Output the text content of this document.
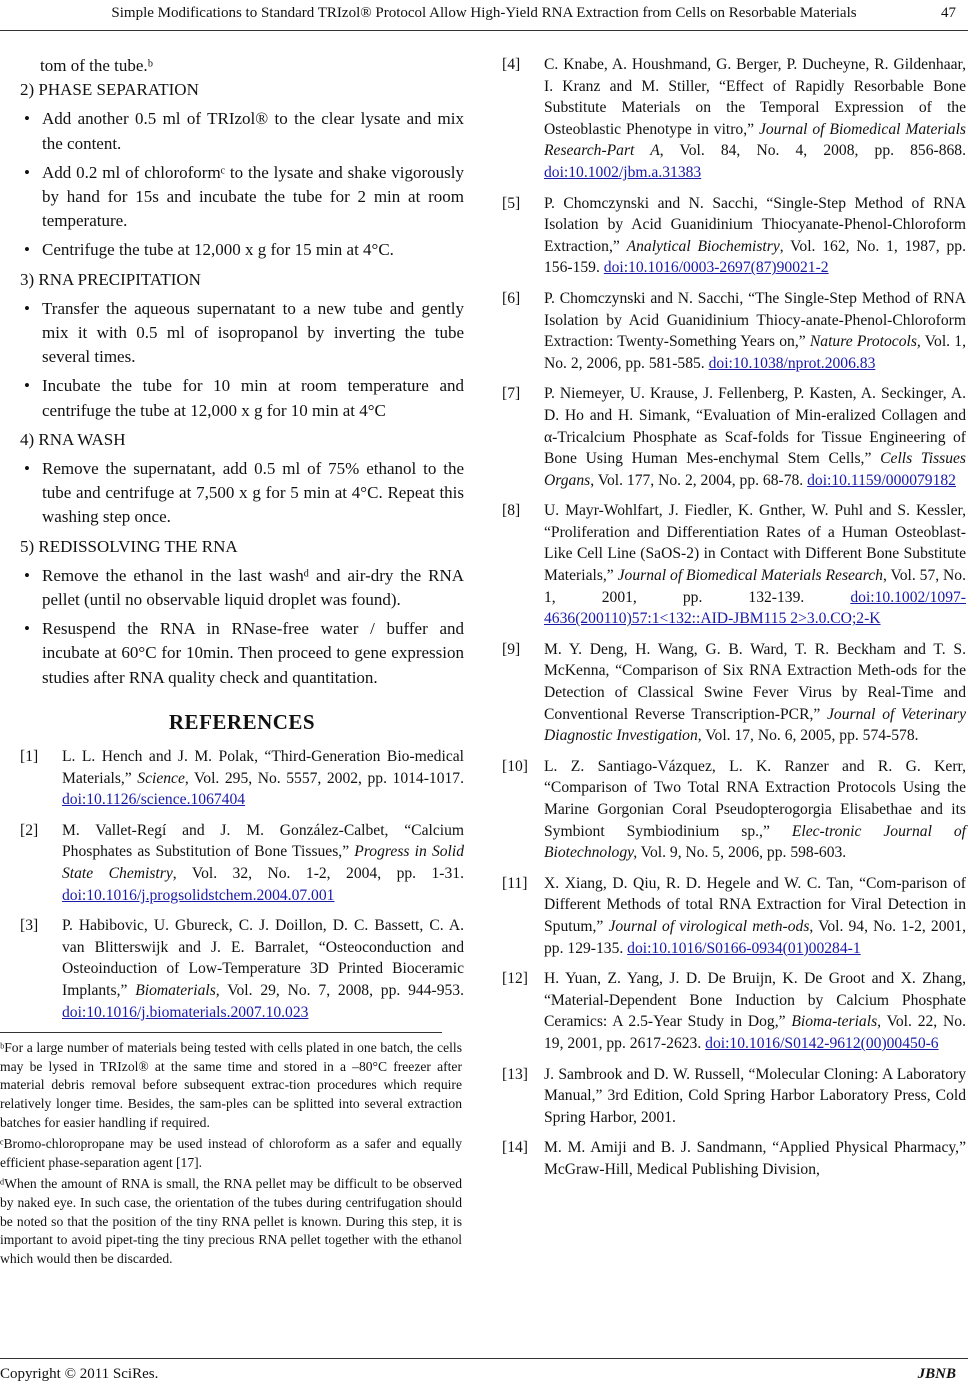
Simple Modifications to Standard TRIzol® Protocol Allow High-Yield RNA Extraction from Cells on Resorbable Materials	47
tom of the tube.ᵇ
2) PHASE SEPARATION
• Add another 0.5 ml of TRIzol® to the clear lysate and mix the content.
• Add 0.2 ml of chloroformᶜ to the lysate and shake vigorously by hand for 15s and incubate the tube for 2 min at room temperature.
• Centrifuge the tube at 12,000 x g for 15 min at 4°C.
3) RNA PRECIPITATION
• Transfer the aqueous supernatant to a new tube and gently mix it with 0.5 ml of isopropanol by inverting the tube several times.
• Incubate the tube for 10 min at room temperature and centrifuge the tube at 12,000 x g for 10 min at 4°C
4) RNA WASH
• Remove the supernatant, add 0.5 ml of 75% ethanol to the tube and centrifuge at 7,500 x g for 5 min at 4°C. Repeat this washing step once.
5) REDISSOLVING THE RNA
• Remove the ethanol in the last washᵈ and air-dry the RNA pellet (until no observable liquid droplet was found).
• Resuspend the RNA in RNase-free water / buffer and incubate at 60°C for 10min. Then proceed to gene expression studies after RNA quality check and quantitation.
REFERENCES
[1] L. L. Hench and J. M. Polak, “Third-Generation Bio-medical Materials,” Science, Vol. 295, No. 5557, 2002, pp. 1014-1017. doi:10.1126/science.1067404
[2] M. Vallet-Regí and J. M. González-Calbet, “Calcium Phosphates as Substitution of Bone Tissues,” Progress in Solid State Chemistry, Vol. 32, No. 1-2, 2004, pp. 1-31. doi:10.1016/j.progsolidstchem.2004.07.001
[3] P. Habibovic, U. Gbureck, C. J. Doillon, D. C. Bassett, C. A. van Blitterswijk and J. E. Barralet, “Osteoconduction and Osteoinduction of Low-Temperature 3D Printed Bioceramic Implants,” Biomaterials, Vol. 29, No. 7, 2008, pp. 944-953. doi:10.1016/j.biomaterials.2007.10.023

ᵇFor a large number of materials being tested with cells plated in one batch, the cells may be lysed in TRIzol® at the same time and stored in a –80°C freezer after material debris removal before subsequent extrac-tion procedures which require relatively longer time. Besides, the sam-ples can be splitted into several extraction batches for easier handling if required.

ᶜBromo-chloropropane may be used instead of chloroform as a safer and equally efficient phase-separation agent [17].

ᵈWhen the amount of RNA is small, the RNA pellet may be difficult to be observed by naked eye. In such case, the orientation of the tubes during centrifugation should be noted so that the position of the tiny RNA pellet is known. During this step, it is important to avoid pipet-ting the tiny precious RNA pellet together with the ethanol which would then be discarded.

[4] C. Knabe, A. Houshmand, G. Berger, P. Ducheyne, R. Gildenhaar, I. Kranz and M. Stiller, “Effect of Rapidly Resorbable Bone Substitute Materials on the Temporal Expression of the Osteoblastic Phenotype in vitro,” Journal of Biomedical Materials Research-Part A, Vol. 84, No. 4, 2008, pp. 856-868. doi:10.1002/jbm.a.31383
[5] P. Chomczynski and N. Sacchi, “Single-Step Method of RNA Isolation by Acid Guanidinium Thiocyanate-Phenol-Chloroform Extraction,” Analytical Biochemistry, Vol. 162, No. 1, 1987, pp. 156-159. doi:10.1016/0003-2697(87)90021-2
[6] P. Chomczynski and N. Sacchi, “The Single-Step Method of RNA Isolation by Acid Guanidinium Thiocy-anate-Phenol-Chloroform Extraction: Twenty-Something Years on,” Nature Protocols, Vol. 1, No. 2, 2006, pp. 581-585. doi:10.1038/nprot.2006.83
[7] P. Niemeyer, U. Krause, J. Fellenberg, P. Kasten, A. Seckinger, A. D. Ho and H. Simank, “Evaluation of Min-eralized Collagen and α-Tricalcium Phosphate as Scaf-folds for Tissue Engineering of Bone Using Human Mes-enchymal Stem Cells,” Cells Tissues Organs, Vol. 177, No. 2, 2004, pp. 68-78. doi:10.1159/000079182
[8] U. Mayr-Wohlfart, J. Fiedler, K. Gnther, W. Puhl and S. Kessler, “Proliferation and Differentiation Rates of a Human Osteoblast-Like Cell Line (SaOS-2) in Contact with Different Bone Substitute Materials,” Journal of Biomedical Materials Research, Vol. 57, No. 1, 2001, pp. 132-139. doi:10.1002/1097-4636(200110)57:1<132::AID-JBM115 2>3.0.CO;2-K
[9] M. Y. Deng, H. Wang, G. B. Ward, T. R. Beckham and T. S. McKenna, “Comparison of Six RNA Extraction Meth-ods for the Detection of Classical Swine Fever Virus by Real-Time and Conventional Reverse Transcription-PCR,” Journal of Veterinary Diagnostic Investigation, Vol. 17, No. 6, 2005, pp. 574-578.
[10] L. Z. Santiago-Vázquez, L. K. Ranzer and R. G. Kerr, “Comparison of Two Total RNA Extraction Protocols Using the Marine Gorgonian Coral Pseudopterogorgia Elisabethae and its Symbiont Symbiodinium sp.,” Elec-tronic Journal of Biotechnology, Vol. 9, No. 5, 2006, pp. 598-603.
[11] X. Xiang, D. Qiu, R. D. Hegele and W. C. Tan, “Com-parison of Different Methods of total RNA Extraction for Viral Detection in Sputum,” Journal of virological meth-ods, Vol. 94, No. 1-2, 2001, pp. 129-135. doi:10.1016/S0166-0934(01)00284-1
[12] H. Yuan, Z. Yang, J. D. De Bruijn, K. De Groot and X. Zhang, “Material-Dependent Bone Induction by Calcium Phosphate Ceramics: A 2.5-Year Study in Dog,” Bioma-terials, Vol. 22, No. 19, 2001, pp. 2617-2623. doi:10.1016/S0142-9612(00)00450-6
[13] J. Sambrook and D. W. Russell, “Molecular Cloning: A Laboratory Manual,” 3rd Edition, Cold Spring Harbor Laboratory Press, Cold Spring Harbor, 2001.
[14] M. M. Amiji and B. J. Sandmann, “Applied Physical Pharmacy,” McGraw-Hill, Medical Publishing Division,
Copyright © 2011 SciRes.	JBNB
